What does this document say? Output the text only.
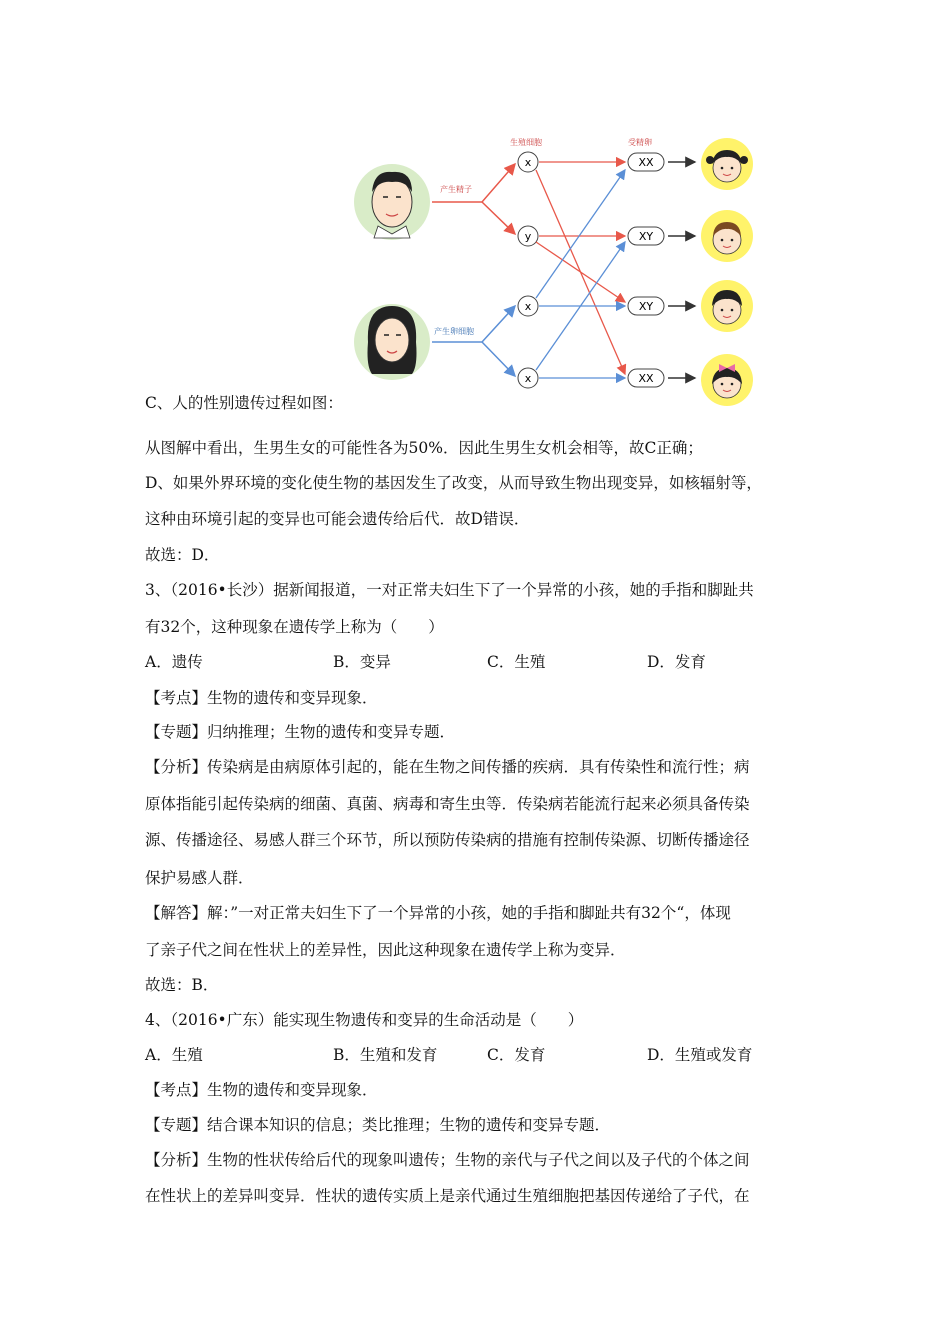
产生精子
产生卵细胞
生殖细胞	受精卵
x
y
x
x
XX
XY
XY
XX
C、人的性别遗传过程如图：
从图解中看出，生男生女的可能性各为50%．因此生男生女机会相等，故C正确；
D、如果外界环境的变化使生物的基因发生了改变，从而导致生物出现变异，如核辐射等，
这种由环境引起的变异也可能会遗传给后代．故D错误．
故选：D．
3、（2016•长沙）据新闻报道，一对正常夫妇生下了一个异常的小孩，她的手指和脚趾共
有32个，这种现象在遗传学上称为（　　）
A．遗传	B．变异	C．生殖	D．发育
【考点】生物的遗传和变异现象．
【专题】归纳推理；生物的遗传和变异专题．
【分析】传染病是由病原体引起的，能在生物之间传播的疾病．具有传染性和流行性；病
原体指能引起传染病的细菌、真菌、病毒和寄生虫等．传染病若能流行起来必须具备传染
源、传播途径、易感人群三个环节，所以预防传染病的措施有控制传染源、切断传播途径
保护易感人群．
【解答】解：”一对正常夫妇生下了一个异常的小孩，她的手指和脚趾共有32个“，体现
了亲子代之间在性状上的差异性，因此这种现象在遗传学上称为变异．
故选：B．
4、（2016•广东）能实现生物遗传和变异的生命活动是（　　）
A．生殖	B．生殖和发育	C．发育	D．生殖或发育
【考点】生物的遗传和变异现象．
【专题】结合课本知识的信息；类比推理；生物的遗传和变异专题．
【分析】生物的性状传给后代的现象叫遗传；生物的亲代与子代之间以及子代的个体之间
在性状上的差异叫变异．性状的遗传实质上是亲代通过生殖细胞把基因传递给了子代，在
